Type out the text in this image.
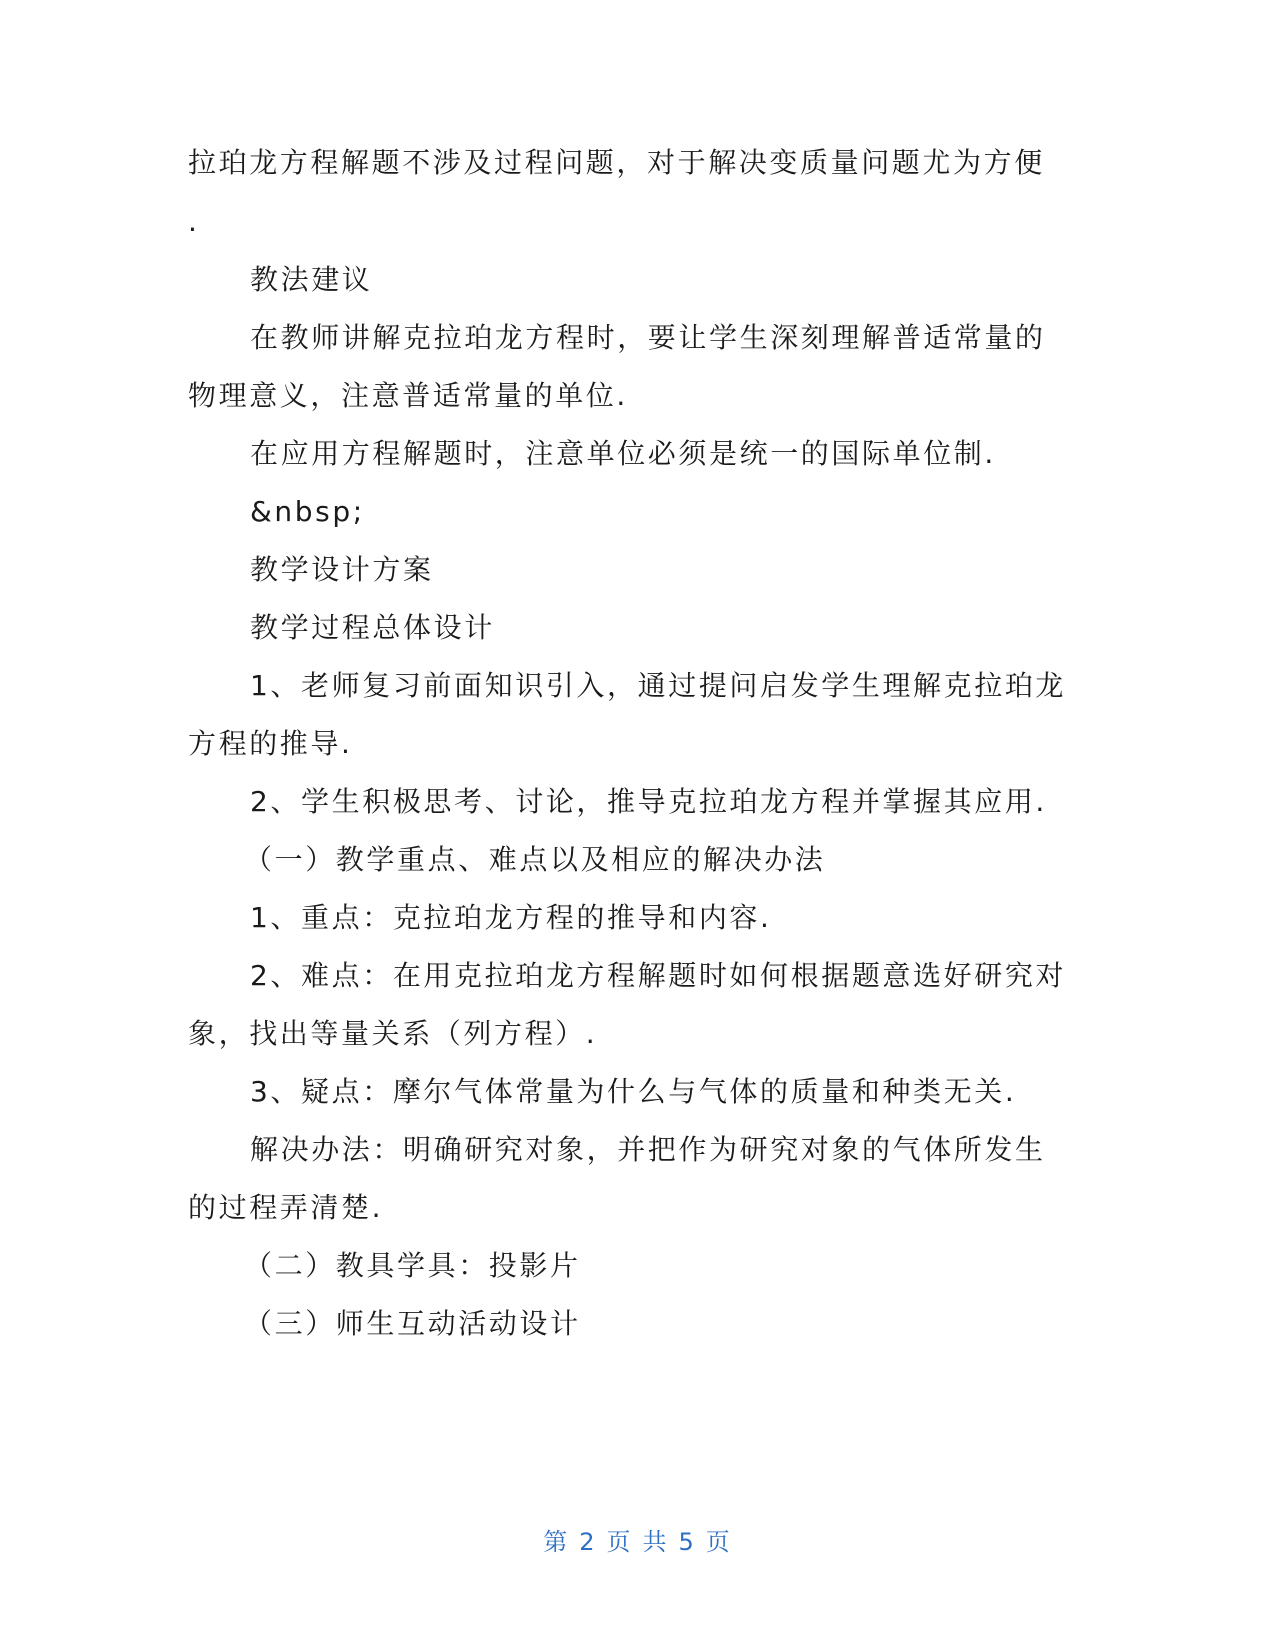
拉珀龙方程解题不涉及过程问题，对于解决变质量问题尤为方便
.
教法建议
在教师讲解克拉珀龙方程时，要让学生深刻理解普适常量的
物理意义，注意普适常量的单位.
在应用方程解题时，注意单位必须是统一的国际单位制.
&nbsp;
教学设计方案
教学过程总体设计
1、老师复习前面知识引入，通过提问启发学生理解克拉珀龙
方程的推导.
2、学生积极思考、讨论，推导克拉珀龙方程并掌握其应用.
（一）教学重点、难点以及相应的解决办法
1、重点：克拉珀龙方程的推导和内容.
2、难点：在用克拉珀龙方程解题时如何根据题意选好研究对
象，找出等量关系（列方程）.
3、疑点：摩尔气体常量为什么与气体的质量和种类无关.
解决办法：明确研究对象，并把作为研究对象的气体所发生
的过程弄清楚.
（二）教具学具：投影片
（三）师生互动活动设计
第 2 页 共 5 页
